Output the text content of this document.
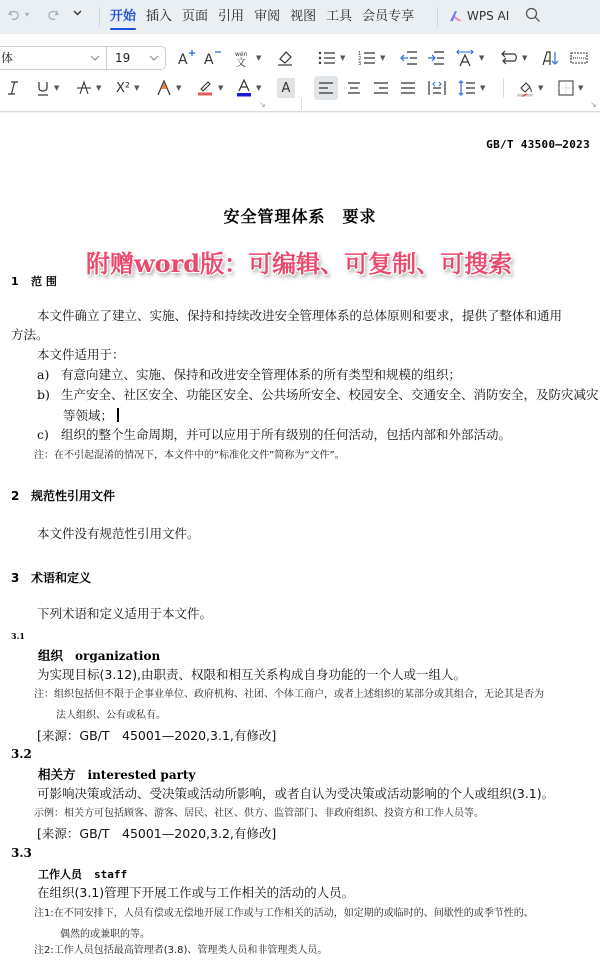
▾	开始 插入 页面 引用 审阅 视图 工具 会员专享	WPS AI
体	19	A A	wén
文 ▼
▼	▼ X² ▼	▼	▼	▼ A
↘
▼	1
2
3
▼	▼	▼
▼	▼	▼
↘
GB/T 43500—2023
安全管理体系　要求
附赠word版：可编辑、可复制、可搜索
1 范 围
本文件确立了建立、实施、保持和持续改进安全管理体系的总体原则和要求，提供了整体和通用
方法。
本文件适用于：
a) 有意向建立、实施、保持和改进安全管理体系的所有类型和规模的组织；
b) 生产安全、社区安全、功能区安全、公共场所安全、校园安全、交通安全、消防安全，及防灾减灾
等领域；
c) 组织的整个生命周期，并可以应用于所有级别的任何活动，包括内部和外部活动。
注：在不引起混淆的情况下，本文件中的“标准化文件”简称为“文件”。
2 规范性引用文件
本文件没有规范性引用文件。
3 术语和定义
下列术语和定义适用于本文件。
3.1
组织 organization
为实现目标(3.12),由职责、权限和相互关系构成自身功能的一个人或一组人。
注：组织包括但不限于企事业单位、政府机构、社团、个体工商户，或者上述组织的某部分或其组合，无论其是否为
法人组织、公有或私有。
[来源：GB/T　45001—2020,3.1,有修改]
3.2
相关方 interested party
可影响决策或活动、受决策或活动所影响，或者自认为受决策或活动影响的个人或组织(3.1)。
示例：相关方可包括顾客、游客、居民、社区、供方、监管部门、非政府组织、投资方和工作人员等。
[来源：GB/T　45001—2020,3.2,有修改]
3.3
工作人员 staff
在组织(3.1)管理下开展工作或与工作相关的活动的人员。
注1:在不同安排下，人员有偿或无偿地开展工作或与工作相关的活动，如定期的或临时的、间歇性的或季节性的、
偶然的或兼职的等。
注2:工作人员包括最高管理者(3.8)、管理类人员和非管理类人员。
